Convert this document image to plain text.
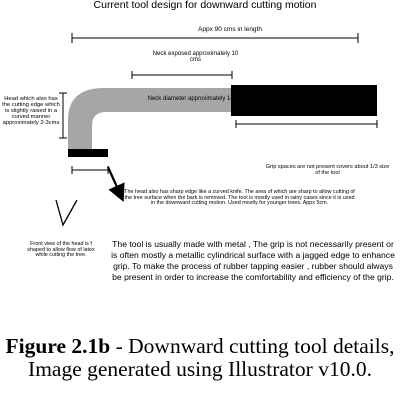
Current tool design for downward cutting motion

Appx 90 cms in length

Neck exposed approximately 10 cms

Head which also has the cutting edge which is slightly raised in a curved manner approximately 2-3cms

Neck diameter approximately 1cm

Grip spaces are not present covers about 1/3 size of the tool

The head also has sharp edge like a curved knife. The area of which are sharp to allow cutting of the tree surface when the bark is removed. The tool is mostly used in rainy cases since it is used in the downward cutting motion. Used mostly for younger trees. Appx 5cm.

Front view of the head is f shaped to allow flow of latex while cutting the tree.

The tool is usually made with metal , The grip is not necessarily present or is often mostly a metallic cylindrical surface with a jagged edge to enhance grip. To make the process of rubber tapping easier , rubber should always be present in order to increase the comfortability and efficiency of the grip.

Figure 2.1b - Downward cutting tool details, Image generated using Illustrator v10.0.
